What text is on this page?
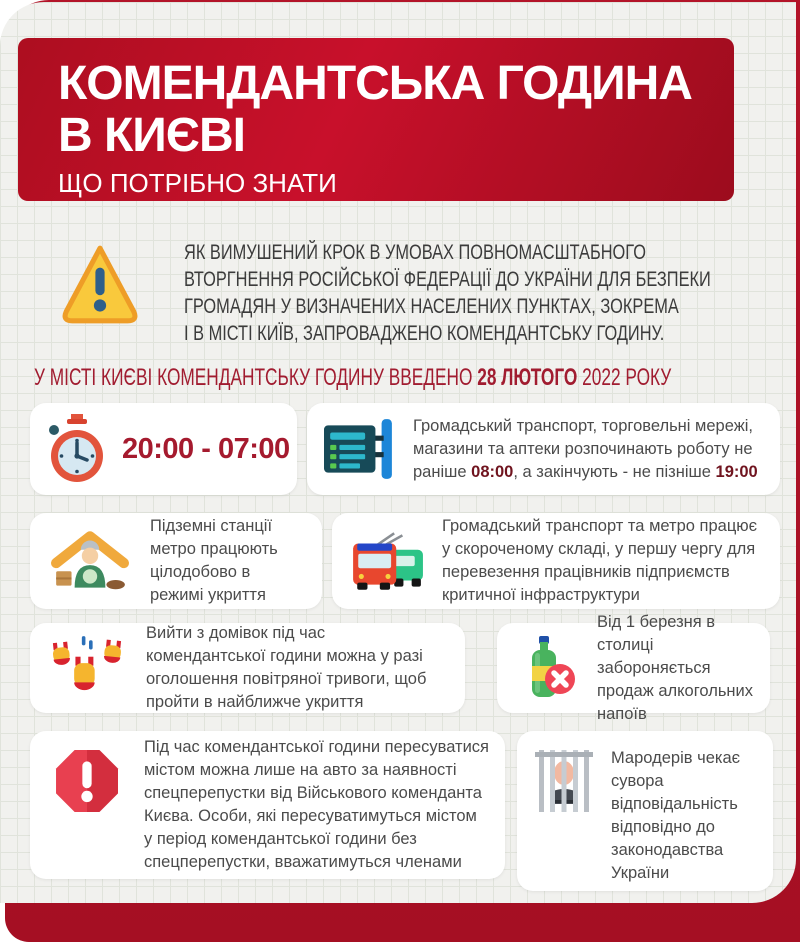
КОМЕНДАНТСЬКА ГОДИНА
В КИЄВІ
ЩО ПОТРІБНО ЗНАТИ
ЯК ВИМУШЕНИЙ КРОК В УМОВАХ ПОВНОМАСШТАБНОГО
ВТОРГНЕННЯ РОСІЙСЬКОЇ ФЕДЕРАЦІЇ ДО УКРАЇНИ ДЛЯ БЕЗПЕКИ
ГРОМАДЯН У ВИЗНАЧЕНИХ НАСЕЛЕНИХ ПУНКТАХ, ЗОКРЕМА
І В МІСТІ КИЇВ, ЗАПРОВАДЖЕНО КОМЕНДАНТСЬКУ ГОДИНУ.
У МІСТІ КИЄВІ КОМЕНДАНТСЬКУ ГОДИНУ ВВЕДЕНО 28 ЛЮТОГО 2022 РОКУ
20:00 - 07:00
Громадський транспорт, торговельні мережі, магазини та аптеки розпочинають роботу не раніше 08:00, а закінчують - не пізніше 19:00
Підземні станції метро працюють цілодобово в режимі укриття
Громадський транспорт та метро працює у скороченому складі, у першу чергу для перевезення працівників підприємств критичної інфраструктури
Вийти з домівок під час комендантської години можна у разі оголошення повітряної тривоги, щоб пройти в найближче укриття
Від 1 березня в столиці забороняється продаж алкогольних напоїв
Під час комендантської години пересуватися містом можна лише на авто за наявності спецперепустки від Військового коменданта Києва. Особи, які пересуватимуться містом у період комендантської години без спецперепустки, вважатимуться членами
Мародерів чекає сувора відповідальність відповідно до законодавства України
